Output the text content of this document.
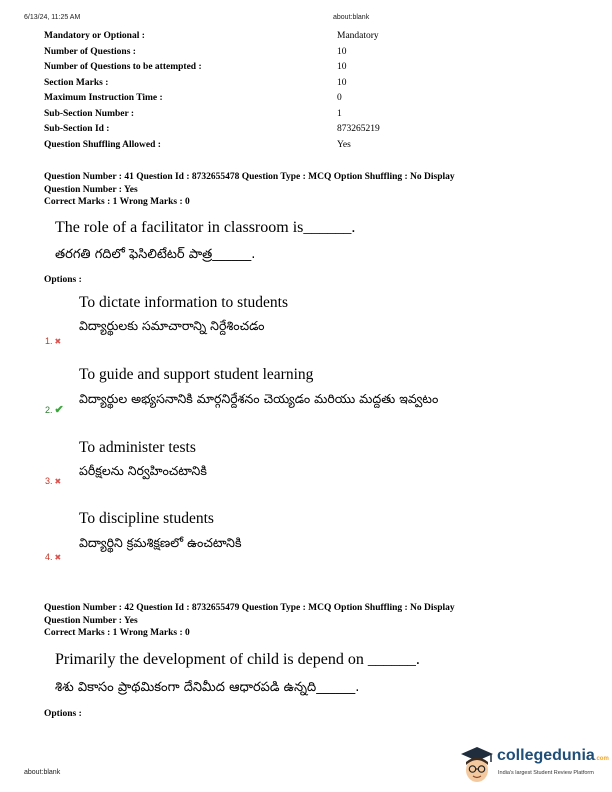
6/13/24, 11:25 AM	about:blank
Mandatory or Optional :	Mandatory
Number of Questions :	10
Number of Questions to be attempted :	10
Section Marks :	10
Maximum Instruction Time :	0
Sub-Section Number :	1
Sub-Section Id :	873265219
Question Shuffling Allowed :	Yes
Question Number : 41 Question Id : 8732655478 Question Type : MCQ Option Shuffling : No Display
Question Number : Yes
Correct Marks : 1 Wrong Marks : 0
The role of a facilitator in classroom is______.
తరగతి గదిలో ఫెసిలిటేటర్ పాత్ర______.
Options :
To dictate information to students
విద్యార్థులకు సమాచారాన్ని నిర్దేశించడం
1. ✖
To guide and support student learning
విద్యార్థుల అభ్యసనానికి మార్గనిర్దేశనం చెయ్యడం మరియు మద్దతు ఇవ్వటం
2. ✔
To administer tests
పరీక్షలను నిర్వహించటానికి
3. ✖
To discipline students
విద్యార్థిని క్రమశిక్షణలో ఉంచటానికి
4. ✖
Question Number : 42 Question Id : 8732655479 Question Type : MCQ Option Shuffling : No Display
Question Number : Yes
Correct Marks : 1 Wrong Marks : 0
Primarily the development of child is depend on ______.
శిశు వికాసం ప్రాథమికంగా దేనిమీద ఆధారపడి ఉన్నది______.
Options :
about:blank
collegedunia.com
India's largest Student Review Platform
